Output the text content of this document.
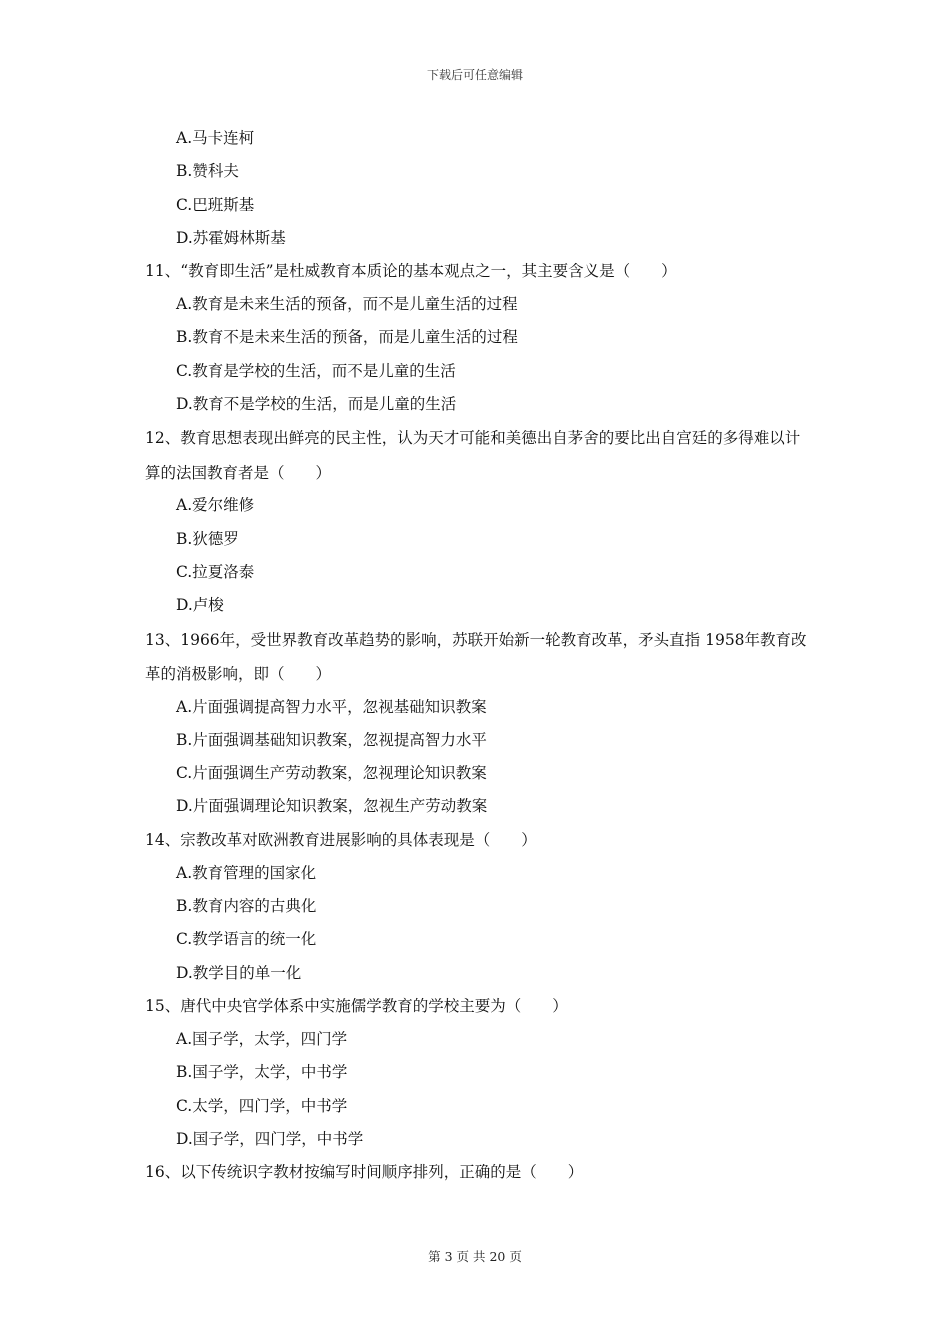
下载后可任意编辑

A.马卡连柯

B.赞科夫

C.巴班斯基

D.苏霍姆林斯基

11、“教育即生活”是杜威教育本质论的基本观点之一，其主要含义是（　　）

A.教育是未来生活的预备，而不是儿童生活的过程

B.教育不是未来生活的预备，而是儿童生活的过程

C.教育是学校的生活，而不是儿童的生活

D.教育不是学校的生活，而是儿童的生活

12、教育思想表现出鲜亮的民主性，认为天才可能和美德出自茅舍的要比出自宫廷的多得难以计算的法国教育者是（　　）

A.爱尔维修

B.狄德罗

C.拉夏洛泰

D.卢梭

13、1966年，受世界教育改革趋势的影响，苏联开始新一轮教育改革，矛头直指 1958年教育改革的消极影响，即（　　）

A.片面强调提高智力水平，忽视基础知识教案

B.片面强调基础知识教案，忽视提高智力水平

C.片面强调生产劳动教案，忽视理论知识教案

D.片面强调理论知识教案，忽视生产劳动教案

14、宗教改革对欧洲教育进展影响的具体表现是（　　）

A.教育管理的国家化

B.教育内容的古典化

C.教学语言的统一化

D.教学目的单一化

15、唐代中央官学体系中实施儒学教育的学校主要为（　　）

A.国子学，太学，四门学

B.国子学，太学，中书学

C.太学，四门学，中书学

D.国子学，四门学，中书学

16、以下传统识字教材按编写时间顺序排列，正确的是（　　）

第 3 页 共 20 页
